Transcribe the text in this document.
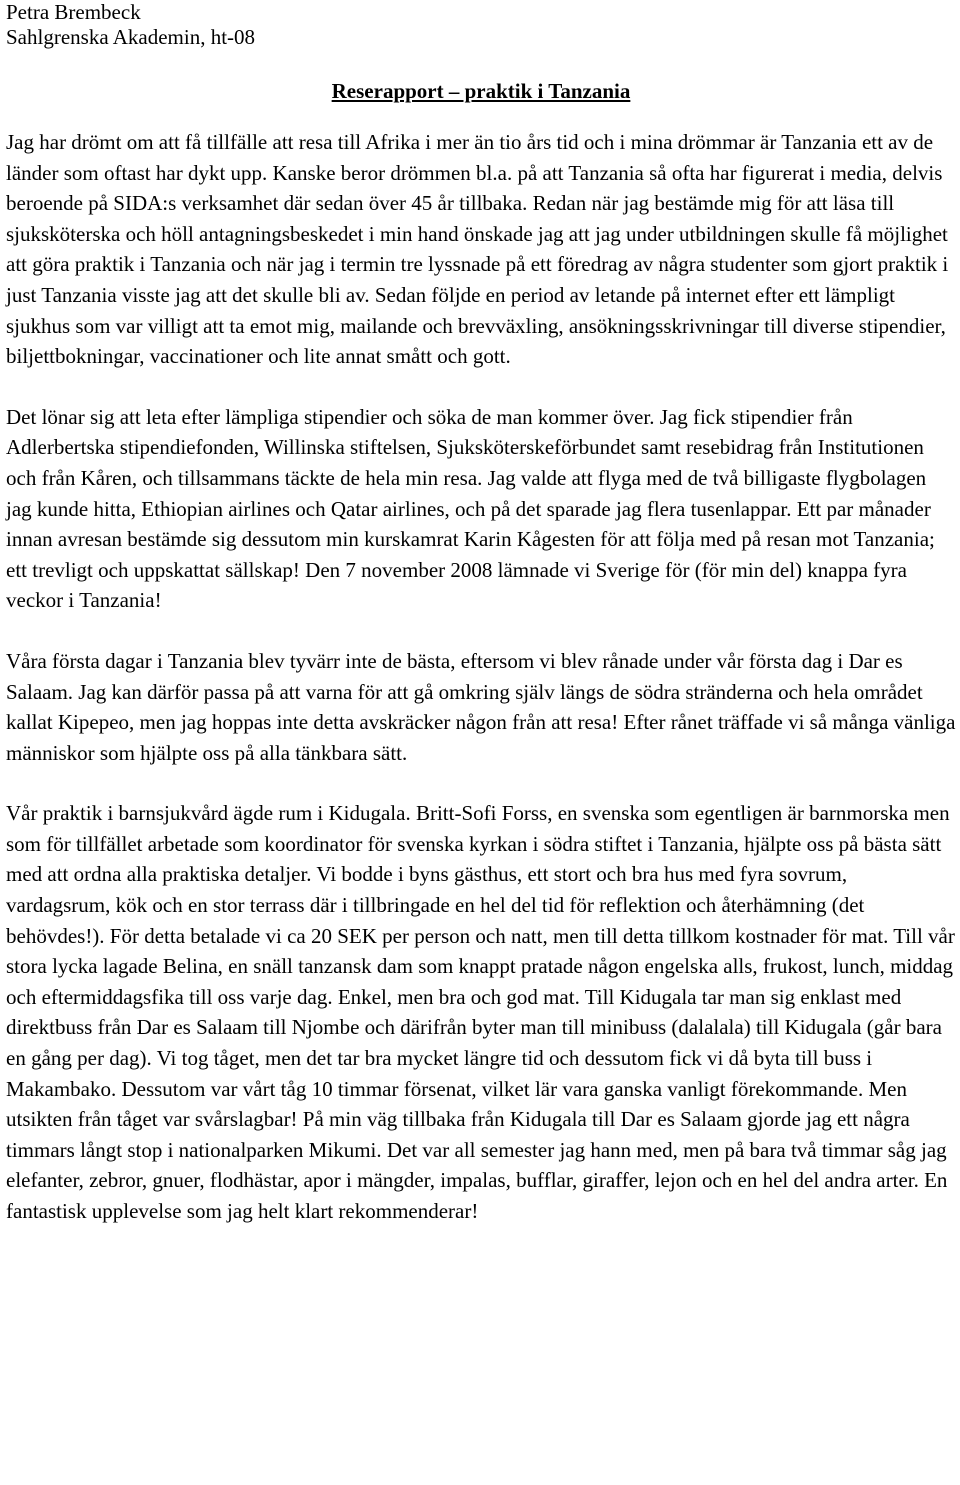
Petra Brembeck

Sahlgrenska Akademin, ht-08

Reserapport – praktik i Tanzania

Jag har drömt om att få tillfälle att resa till Afrika i mer än tio års tid och i mina drömmar är Tanzania ett av de länder som oftast har dykt upp. Kanske beror drömmen bl.a. på att Tanzania så ofta har figurerat i media, delvis beroende på SIDA:s verksamhet där sedan över 45 år tillbaka. Redan när jag bestämde mig för att läsa till sjuksköterska och höll antagningsbeskedet i min hand önskade jag att jag under utbildningen skulle få möjlighet att göra praktik i Tanzania och när jag i termin tre lyssnade på ett föredrag av några studenter som gjort praktik i just Tanzania visste jag att det skulle bli av. Sedan följde en period av letande på internet efter ett lämpligt sjukhus som var villigt att ta emot mig, mailande och brevväxling, ansökningsskrivningar till diverse stipendier, biljettbokningar, vaccinationer och lite annat smått och gott.

Det lönar sig att leta efter lämpliga stipendier och söka de man kommer över. Jag fick stipendier från Adlerbertska stipendiefonden, Willinska stiftelsen, Sjuksköterskeförbundet samt resebidrag från Institutionen och från Kåren, och tillsammans täckte de hela min resa. Jag valde att flyga med de två billigaste flygbolagen jag kunde hitta, Ethiopian airlines och Qatar airlines, och på det sparade jag flera tusenlappar. Ett par månader innan avresan bestämde sig dessutom min kurskamrat Karin Kågesten för att följa med på resan mot Tanzania; ett trevligt och uppskattat sällskap! Den 7 november 2008 lämnade vi Sverige för (för min del) knappa fyra veckor i Tanzania!

Våra första dagar i Tanzania blev tyvärr inte de bästa, eftersom vi blev rånade under vår första dag i Dar es Salaam. Jag kan därför passa på att varna för att gå omkring själv längs de södra stränderna och hela området kallat Kipepeo, men jag hoppas inte detta avskräcker någon från att resa! Efter rånet träffade vi så många vänliga människor som hjälpte oss på alla tänkbara sätt.

Vår praktik i barnsjukvård ägde rum i Kidugala. Britt-Sofi Forss, en svenska som egentligen är barnmorska men som för tillfället arbetade som koordinator för svenska kyrkan i södra stiftet i Tanzania, hjälpte oss på bästa sätt med att ordna alla praktiska detaljer. Vi bodde i byns gästhus, ett stort och bra hus med fyra sovrum, vardagsrum, kök och en stor terrass där i tillbringade en hel del tid för reflektion och återhämning (det behövdes!). För detta betalade vi ca 20 SEK per person och natt, men till detta tillkom kostnader för mat. Till vår stora lycka lagade Belina, en snäll tanzansk dam som knappt pratade någon engelska alls, frukost, lunch, middag och eftermiddagsfika till oss varje dag. Enkel, men bra och god mat. Till Kidugala tar man sig enklast med direktbuss från Dar es Salaam till Njombe och därifrån byter man till minibuss (dalalala) till Kidugala (går bara en gång per dag). Vi tog tåget, men det tar bra mycket längre tid och dessutom fick vi då byta till buss i Makambako. Dessutom var vårt tåg 10 timmar försenat, vilket lär vara ganska vanligt förekommande. Men utsikten från tåget var svårslagbar! På min väg tillbaka från Kidugala till Dar es Salaam gjorde jag ett några timmars långt stop i nationalparken Mikumi. Det var all semester jag hann med, men på bara två timmar såg jag elefanter, zebror, gnuer, flodhästar, apor i mängder, impalas, bufflar, giraffer, lejon och en hel del andra arter. En fantastisk upplevelse som jag helt klart rekommenderar!
